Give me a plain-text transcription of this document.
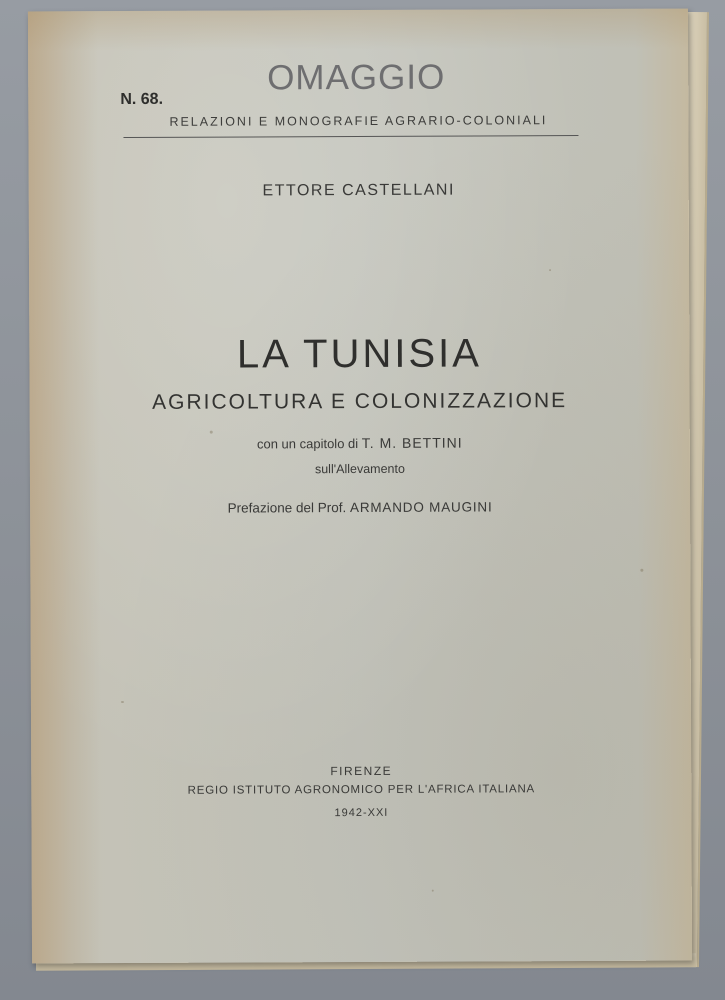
OMAGGIO
N. 68.
RELAZIONI E MONOGRAFIE AGRARIO-COLONIALI
ETTORE CASTELLANI
LA TUNISIA
AGRICOLTURA E COLONIZZAZIONE
con un capitolo di T. M. BETTINI
sull'Allevamento
Prefazione del Prof. ARMANDO MAUGINI
FIRENZE
REGIO ISTITUTO AGRONOMICO PER L'AFRICA ITALIANA
1942-XXI
